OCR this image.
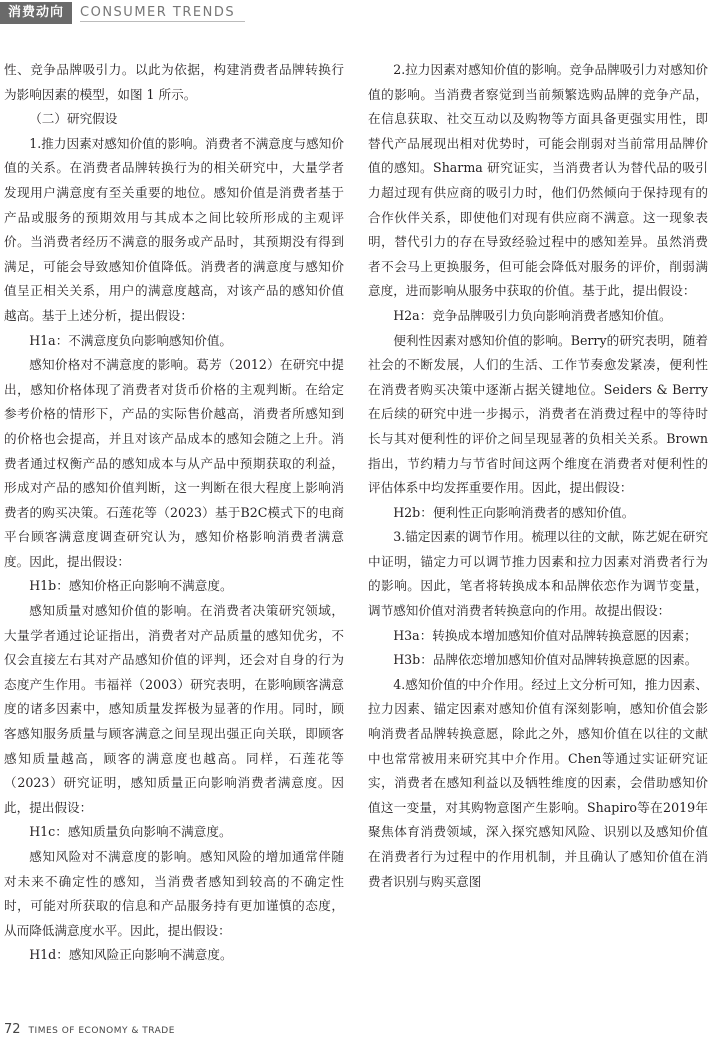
消费动向	CONSUMER TRENDS

性、竞争品牌吸引力。以此为依据，构建消费者品牌转换行为影响因素的模型，如图 1 所示。

（二）研究假设

1.推力因素对感知价值的影响。消费者不满意度与感知价值的关系。在消费者品牌转换行为的相关研究中，大量学者发现用户满意度有至关重要的地位。感知价值是消费者基于产品或服务的预期效用与其成本之间比较所形成的主观评价。当消费者经历不满意的服务或产品时，其预期没有得到满足，可能会导致感知价值降低。消费者的满意度与感知价值呈正相关关系，用户的满意度越高，对该产品的感知价值越高。基于上述分析，提出假设：

H1a：不满意度负向影响感知价值。

感知价格对不满意度的影响。葛芳（2012）在研究中提出，感知价格体现了消费者对货币价格的主观判断。在给定参考价格的情形下，产品的实际售价越高，消费者所感知到的价格也会提高，并且对该产品成本的感知会随之上升。消费者通过权衡产品的感知成本与从产品中预期获取的利益，形成对产品的感知价值判断，这一判断在很大程度上影响消费者的购买决策。石莲花等（2023）基于B2C模式下的电商平台顾客满意度调查研究认为，感知价格影响消费者满意度。因此，提出假设：

H1b：感知价格正向影响不满意度。

感知质量对感知价值的影响。在消费者决策研究领域，大量学者通过论证指出，消费者对产品质量的感知优劣，不仅会直接左右其对产品感知价值的评判，还会对自身的行为态度产生作用。韦福祥（2003）研究表明，在影响顾客满意度的诸多因素中，感知质量发挥极为显著的作用。同时，顾客感知服务质量与顾客满意之间呈现出强正向关联，即顾客感知质量越高，顾客的满意度也越高。同样，石莲花等（2023）研究证明，感知质量正向影响消费者满意度。因此，提出假设：

H1c：感知质量负向影响不满意度。

感知风险对不满意度的影响。感知风险的增加通常伴随对未来不确定性的感知，当消费者感知到较高的不确定性时，可能对所获取的信息和产品服务持有更加谨慎的态度，从而降低满意度水平。因此，提出假设：

H1d：感知风险正向影响不满意度。

2.拉力因素对感知价值的影响。竞争品牌吸引力对感知价值的影响。当消费者察觉到当前频繁选购品牌的竞争产品，在信息获取、社交互动以及购物等方面具备更强实用性，即替代产品展现出相对优势时，可能会削弱对当前常用品牌价值的感知。Sharma 研究证实，当消费者认为替代品的吸引力超过现有供应商的吸引力时，他们仍然倾向于保持现有的合作伙伴关系，即使他们对现有供应商不满意。这一现象表明，替代引力的存在导致经验过程中的感知差异。虽然消费者不会马上更换服务，但可能会降低对服务的评价，削弱满意度，进而影响从服务中获取的价值。基于此，提出假设：

H2a：竞争品牌吸引力负向影响消费者感知价值。

便利性因素对感知价值的影响。Berry的研究表明，随着社会的不断发展，人们的生活、工作节奏愈发紧凑，便利性在消费者购买决策中逐渐占据关键地位。Seiders & Berry 在后续的研究中进一步揭示，消费者在消费过程中的等待时长与其对便利性的评价之间呈现显著的负相关关系。Brown指出，节约精力与节省时间这两个维度在消费者对便利性的评估体系中均发挥重要作用。因此，提出假设：

H2b：便利性正向影响消费者的感知价值。

3.锚定因素的调节作用。梳理以往的文献，陈艺妮在研究中证明，锚定力可以调节推力因素和拉力因素对消费者行为的影响。因此，笔者将转换成本和品牌依恋作为调节变量，调节感知价值对消费者转换意向的作用。故提出假设：

H3a：转换成本增加感知价值对品牌转换意愿的因素；

H3b：品牌依恋增加感知价值对品牌转换意愿的因素。

4.感知价值的中介作用。经过上文分析可知，推力因素、拉力因素、锚定因素对感知价值有深刻影响，感知价值会影响消费者品牌转换意愿，除此之外，感知价值在以往的文献中也常常被用来研究其中介作用。Chen等通过实证研究证实，消费者在感知利益以及牺牲维度的因素，会借助感知价值这一变量，对其购物意图产生影响。Shapiro等在2019年聚焦体育消费领域，深入探究感知风险、识别以及感知价值在消费者行为过程中的作用机制，并且确认了感知价值在消费者识别与购买意图

72 TIMES OF ECONOMY & TRADE
